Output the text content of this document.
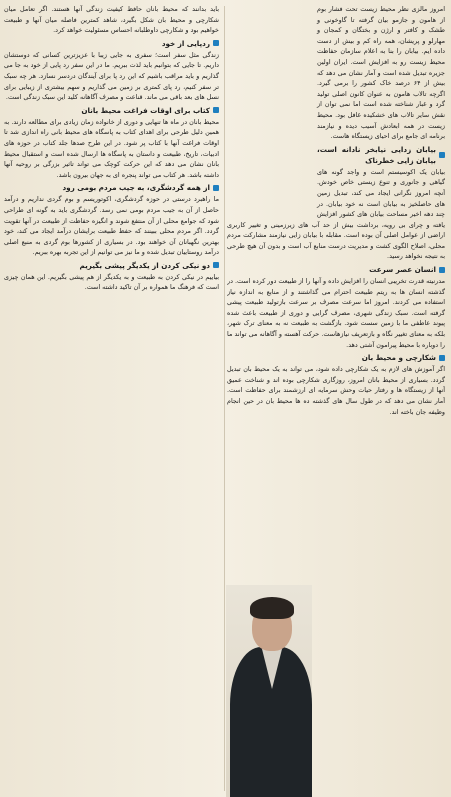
امروز مالزی نظر محیط زیست تحت فشار بوم از هامون و جازمو بیان گرفته تا گاوخونی و طشک و کافتر و ارژن و بختگان و کمجان و مهارلو و پریشان، همه راه کم و بیش از دست داده ایم. بیابان را بنا به اعلام سازمان حفاظت محیط زیست رو به افزایش است. ایران اولین جزیره تبدیل شده است و آمار نشان می دهد که بیش از ۶۴ درصد خاک کشور را برمی گیرد. اگرچه تالاب هامون به عنوان کانون اصلی تولید گرد و غبار شناخته شده است اما نمی توان از نقش سایر تالاب های خشکیده غافل بود. محیط زیست در همه ابعادش آسیب دیده و نیازمند برنامه ای جامع برای احیای زیستگاه هاست.

بیابان زدایی نیابخر نادانه است، بیابان زایی خطرناک

بیابان یک اکوسیستم است و واجد گونه های گیاهی و جانوری و تنوع زیستی خاص خودش. آنچه امروز نگرانی ایجاد می کند، تبدیل زمین های حاصلخیز به بیابان است نه خود بیابان. در چند دهه اخیر مساحت بیابان های کشور افزایش یافته و چرای بی رویه، برداشت بیش از حد آب های زیرزمینی و تغییر کاربری اراضی از عوامل اصلی آن بوده است. مقابله با بیابان زایی نیازمند مشارکت مردم محلی، اصلاح الگوی کشت و مدیریت درست منابع آب است و بدون آن هیچ طرحی به نتیجه نخواهد رسید.

انسان عصر سرعت

مدرنیته قدرت تخریبی انسان را افزایش داده و آنها را از طبیعت دور کرده است. در گذشته انسان ها به ریتم طبیعت احترام می گذاشتند و از منابع به اندازه نیاز استفاده می کردند. امروز اما سرعت مصرف بر سرعت بازتولید طبیعت پیشی گرفته است. سبک زندگی شهری، مصرف گرایی و دوری از طبیعت باعث شده پیوند عاطفی ما با زمین سست شود. بازگشت به طبیعت نه به معنای ترک شهر، بلکه به معنای تغییر نگاه و بازتعریف نیازهاست. حرکت آهسته و آگاهانه می تواند ما را دوباره با محیط پیرامون آشتی دهد.

شکارچی و محیط بان

اگر آموزش های لازم به یک شکارچی داده شود، می تواند به یک محیط بان تبدیل گردد. بسیاری از محیط بانان امروز، روزگاری شکارچی بوده اند و شناخت عمیق آنها از زیستگاه ها و رفتار حیات وحش سرمایه ای ارزشمند برای حفاظت است. آمار نشان می دهد که در طول سال های گذشته ده ها محیط بان در حین انجام وظیفه جان باخته اند.

باید بدانند که محیط بانان حافظ کیفیت زندگی آنها هستند. اگر تعامل میان شکارچی و محیط بان شکل بگیرد، شاهد کمترین فاصله میان آنها و طبیعت خواهیم بود و شکارچی داوطلبانه احساس مسئولیت خواهد کرد.

ردپایی از خود

زندگی مثل سفر است؛ سفری به جایی زیبا با عزیزترین کسانی که دوستشان داریم. تا جایی که بتوانیم باید لذت ببریم. ما در این سفر رد پایی از خود به جا می گذاریم و باید مراقب باشیم که این رد پا برای آیندگان دردسر نسازد. هر چه سبک تر سفر کنیم، رد پای کمتری بر زمین می گذاریم و سهم بیشتری از زیبایی برای نسل های بعد باقی می ماند. قناعت و مصرف آگاهانه کلید این سبک زندگی است.

کتاب برای اوقات فراغت محیط بانان

محیط بانان در ماه ها تنهایی و دوری از خانواده زمان زیادی برای مطالعه دارند. به همین دلیل طرحی برای اهدای کتاب به پاسگاه های محیط بانی راه اندازی شد تا اوقات فراغت آنها با کتاب پر شود. در این طرح صدها جلد کتاب در حوزه های ادبیات، تاریخ، طبیعت و داستان به پاسگاه ها ارسال شده است و استقبال محیط بانان نشان می دهد که این حرکت کوچک می تواند تاثیر بزرگی بر روحیه آنها داشته باشد. هر کتاب می تواند پنجره ای به جهان بیرون باشد.

از همه گردشگری، به جیب مردم بومی رود

ما راهبرد درستی در حوزه گردشگری، اکوتوریسم و بوم گردی نداریم و درآمد حاصل از آن به جیب مردم بومی نمی رسد. گردشگری باید به گونه ای طراحی شود که جوامع محلی از آن منتفع شوند و انگیزه حفاظت از طبیعت در آنها تقویت گردد. اگر مردم محلی ببینند که حفظ طبیعت برایشان درآمد ایجاد می کند، خود بهترین نگهبانان آن خواهند بود. در بسیاری از کشورها بوم گردی به منبع اصلی درآمد روستاییان تبدیل شده و ما نیز می توانیم از این تجربه بهره ببریم.

دو نیکی کردن از یکدیگر پیشی بگیریم

بیاییم در نیکی کردن به طبیعت و به یکدیگر از هم پیشی بگیریم. این همان چیزی است که فرهنگ ما همواره بر آن تاکید داشته است.
